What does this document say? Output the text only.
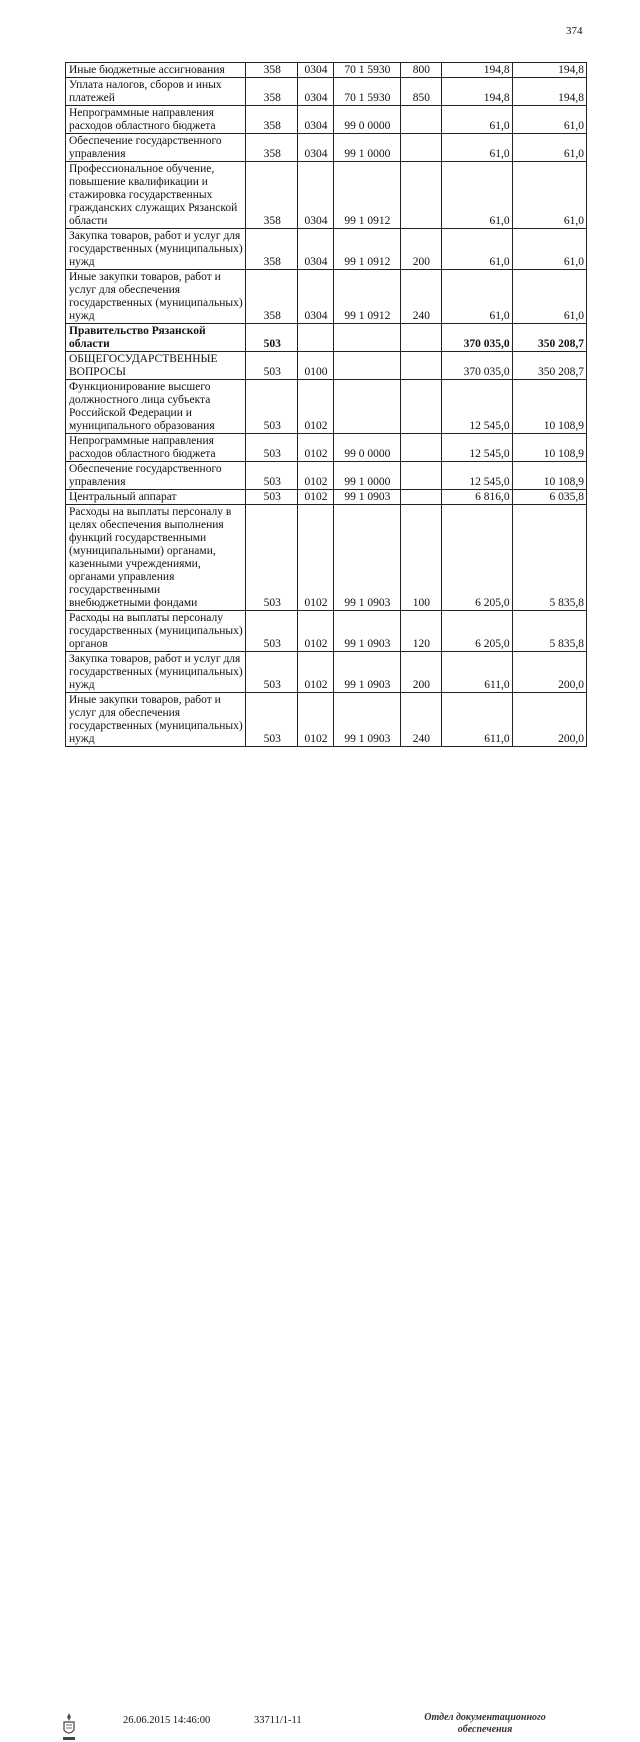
374
Иные бюджетные ассигнования	358	0304	70 1 5930	800	194,8	194,8
Уплата налогов, сборов и иных платежей	358	0304	70 1 5930	850	194,8	194,8
Непрограммные направления расходов областного бюджета	358	0304	99 0 0000		61,0	61,0
Обеспечение государственного управления	358	0304	99 1 0000		61,0	61,0
Профессиональное обучение, повышение квалификации и стажировка государственных гражданских служащих Рязанской области	358	0304	99 1 0912		61,0	61,0
Закупка товаров, работ и услуг для государственных (муниципальных) нужд	358	0304	99 1 0912	200	61,0	61,0
Иные закупки товаров, работ и услуг для обеспечения государственных (муниципальных) нужд	358	0304	99 1 0912	240	61,0	61,0
Правительство Рязанской области	503				370 035,0	350 208,7
ОБЩЕГОСУДАРСТВЕННЫЕ ВОПРОСЫ	503	0100			370 035,0	350 208,7
Функционирование высшего должностного лица субъекта Российской Федерации и муниципального образования	503	0102			12 545,0	10 108,9
Непрограммные направления расходов областного бюджета	503	0102	99 0 0000		12 545,0	10 108,9
Обеспечение государственного управления	503	0102	99 1 0000		12 545,0	10 108,9
Центральный аппарат	503	0102	99 1 0903		6 816,0	6 035,8
Расходы на выплаты персоналу в целях обеспечения выполнения функций государственными (муниципальными) органами, казенными учреждениями, органами управления государственными внебюджетными фондами	503	0102	99 1 0903	100	6 205,0	5 835,8
Расходы на выплаты персоналу государственных (муниципальных) органов	503	0102	99 1 0903	120	6 205,0	5 835,8
Закупка товаров, работ и услуг для государственных (муниципальных) нужд	503	0102	99 1 0903	200	611,0	200,0
Иные закупки товаров, работ и услуг для обеспечения государственных (муниципальных) нужд	503	0102	99 1 0903	240	611,0	200,0
26.06.2015 14:46:00	33711/1-11	Отдел документационного
обеспечения
